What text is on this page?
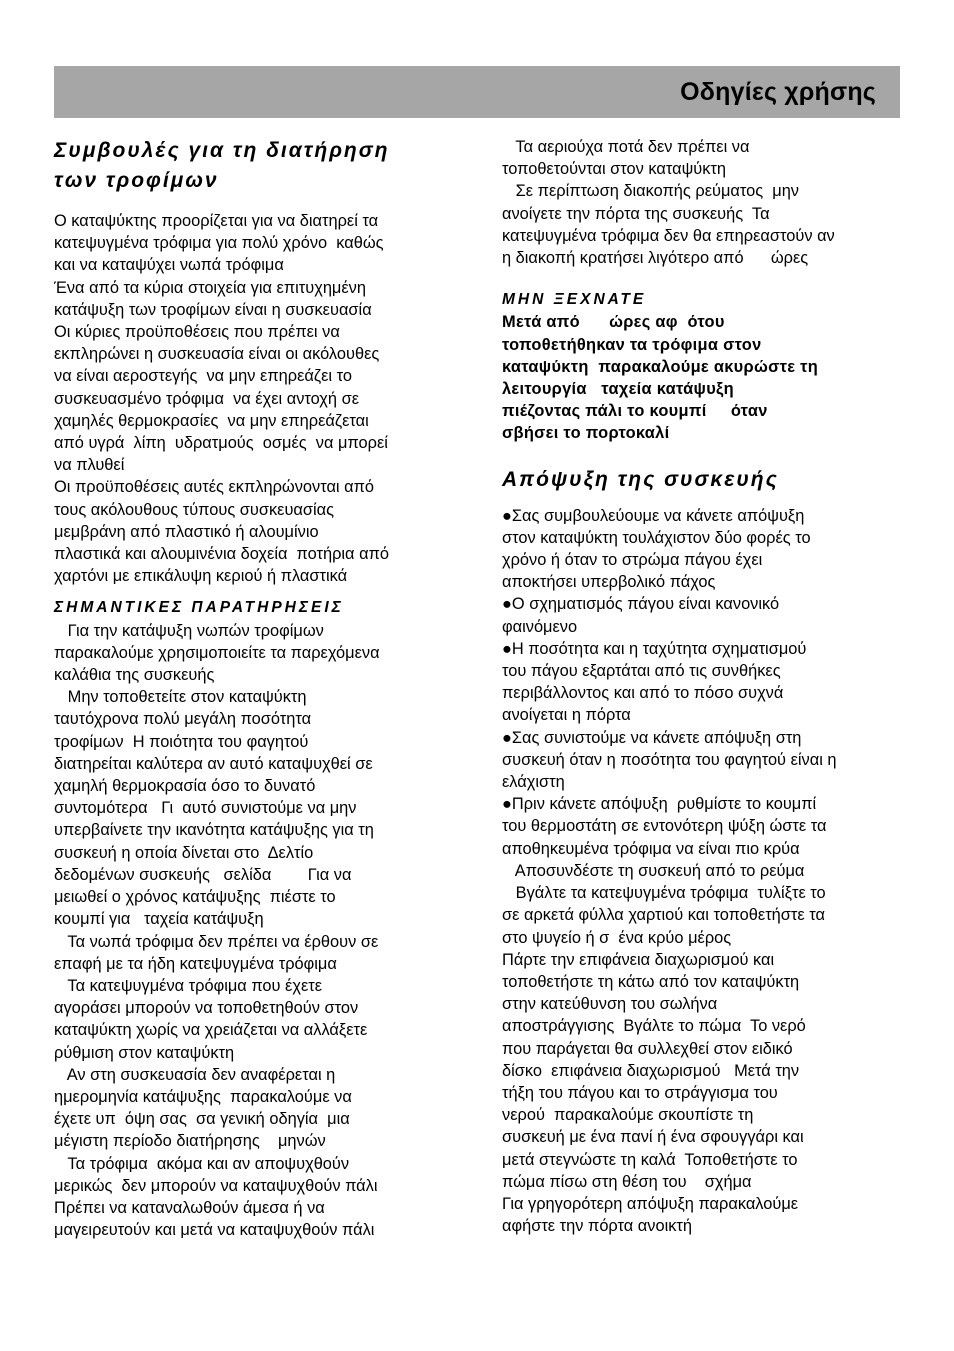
Οδηγίες χρήσης
Συμβουλές για τη διατήρηση
των τροφίμων
Ο καταψύκτης προορίζεται για να διατηρεί τα
κατεψυγμένα τρόφιμα για πολύ χρόνο  καθώς
και να καταψύχει νωπά τρόφιμα
Ένα από τα κύρια στοιχεία για επιτυχημένη
κατάψυξη των τροφίμων είναι η συσκευασία
Οι κύριες προϋποθέσεις που πρέπει να
εκπληρώνει η συσκευασία είναι οι ακόλουθες
να είναι αεροστεγής  να μην επηρεάζει το
συσκευασμένο τρόφιμα  να έχει αντοχή σε
χαμηλές θερμοκρασίες  να μην επηρεάζεται
από υγρά  λίπη  υδρατμούς  οσμές  να μπορεί
να πλυθεί
Οι προϋποθέσεις αυτές εκπληρώνονται από
τους ακόλουθους τύπους συσκευασίας
μεμβράνη από πλαστικό ή αλουμίνιο
πλαστικά και αλουμινένια δοχεία  ποτήρια από
χαρτόνι με επικάλυψη κεριού ή πλαστικά
ΣΗΜΑΝΤΙΚΕΣ ΠΑΡΑΤΗΡΗΣΕΙΣ
Για την κατάψυξη νωπών τροφίμων
παρακαλούμε χρησιμοποιείτε τα παρεχόμενα
καλάθια της συσκευής
Μην τοποθετείτε στον καταψύκτη
ταυτόχρονα πολύ μεγάλη ποσότητα
τροφίμων  Η ποιότητα του φαγητού
διατηρείται καλύτερα αν αυτό καταψυχθεί σε
χαμηλή θερμοκρασία όσο το δυνατό
συντομότερα   Γι  αυτό συνιστούμε να μην
υπερβαίνετε την ικανότητα κατάψυξης για τη
συσκευή η οποία δίνεται στο  Δελτίο
δεδομένων συσκευής   σελίδα        Για να
μειωθεί ο χρόνος κατάψυξης  πιέστε το
κουμπί για   ταχεία κατάψυξη
Τα νωπά τρόφιμα δεν πρέπει να έρθουν σε
επαφή με τα ήδη κατεψυγμένα τρόφιμα
Τα κατεψυγμένα τρόφιμα που έχετε
αγοράσει μπορούν να τοποθετηθούν στον
καταψύκτη χωρίς να χρειάζεται να αλλάξετε
ρύθμιση στον καταψύκτη
Αν στη συσκευασία δεν αναφέρεται η
ημερομηνία κατάψυξης  παρακαλούμε να
έχετε υπ  όψη σας  σα γενική οδηγία  μια
μέγιστη περίοδο διατήρησης    μηνών
Τα τρόφιμα  ακόμα και αν αποψυχθούν
μερικώς  δεν μπορούν να καταψυχθούν πάλι
Πρέπει να καταναλωθούν άμεσα ή να
μαγειρευτούν και μετά να καταψυχθούν πάλι
Τα αεριούχα ποτά δεν πρέπει να
τοποθετούνται στον καταψύκτη
Σε περίπτωση διακοπής ρεύματος  μην
ανοίγετε την πόρτα της συσκευής  Τα
κατεψυγμένα τρόφιμα δεν θα επηρεαστούν αν
η διακοπή κρατήσει λιγότερο από      ώρες
ΜΗΝ ΞΕΧΝΑΤΕ
Μετά από      ώρες αφ  ότου
τοποθετήθηκαν τα τρόφιμα στον
καταψύκτη  παρακαλούμε ακυρώστε τη
λειτουργία   ταχεία κατάψυξη
πιέζοντας πάλι το κουμπί     όταν
σβήσει το πορτοκαλί
Απόψυξη της συσκευής
●Σας συμβουλεύουμε να κάνετε απόψυξη
στον καταψύκτη τουλάχιστον δύο φορές το
χρόνο ή όταν το στρώμα πάγου έχει
αποκτήσει υπερβολικό πάχος
●Ο σχηματισμός πάγου είναι κανονικό
φαινόμενο
●Η ποσότητα και η ταχύτητα σχηματισμού
του πάγου εξαρτάται από τις συνθήκες
περιβάλλοντος και από το πόσο συχνά
ανοίγεται η πόρτα
●Σας συνιστούμε να κάνετε απόψυξη στη
συσκευή όταν η ποσότητα του φαγητού είναι η
ελάχιστη
●Πριν κάνετε απόψυξη  ρυθμίστε το κουμπί
του θερμοστάτη σε εντονότερη ψύξη ώστε τα
αποθηκευμένα τρόφιμα να είναι πιο κρύα
Αποσυνδέστε τη συσκευή από το ρεύμα
Βγάλτε τα κατεψυγμένα τρόφιμα  τυλίξτε το
σε αρκετά φύλλα χαρτιού και τοποθετήστε τα
στο ψυγείο ή σ  ένα κρύο μέρος
Πάρτε την επιφάνεια διαχωρισμού και
τοποθετήστε τη κάτω από τον καταψύκτη
στην κατεύθυνση του σωλήνα
αποστράγγισης  Βγάλτε το πώμα  Το νερό
που παράγεται θα συλλεχθεί στον ειδικό
δίσκο  επιφάνεια διαχωρισμού   Μετά την
τήξη του πάγου και το στράγγισμα του
νερού  παρακαλούμε σκουπίστε τη
συσκευή με ένα πανί ή ένα σφουγγάρι και
μετά στεγνώστε τη καλά  Τοποθετήστε το
πώμα πίσω στη θέση του    σχήμα
Για γρηγορότερη απόψυξη παρακαλούμε
αφήστε την πόρτα ανοικτή
